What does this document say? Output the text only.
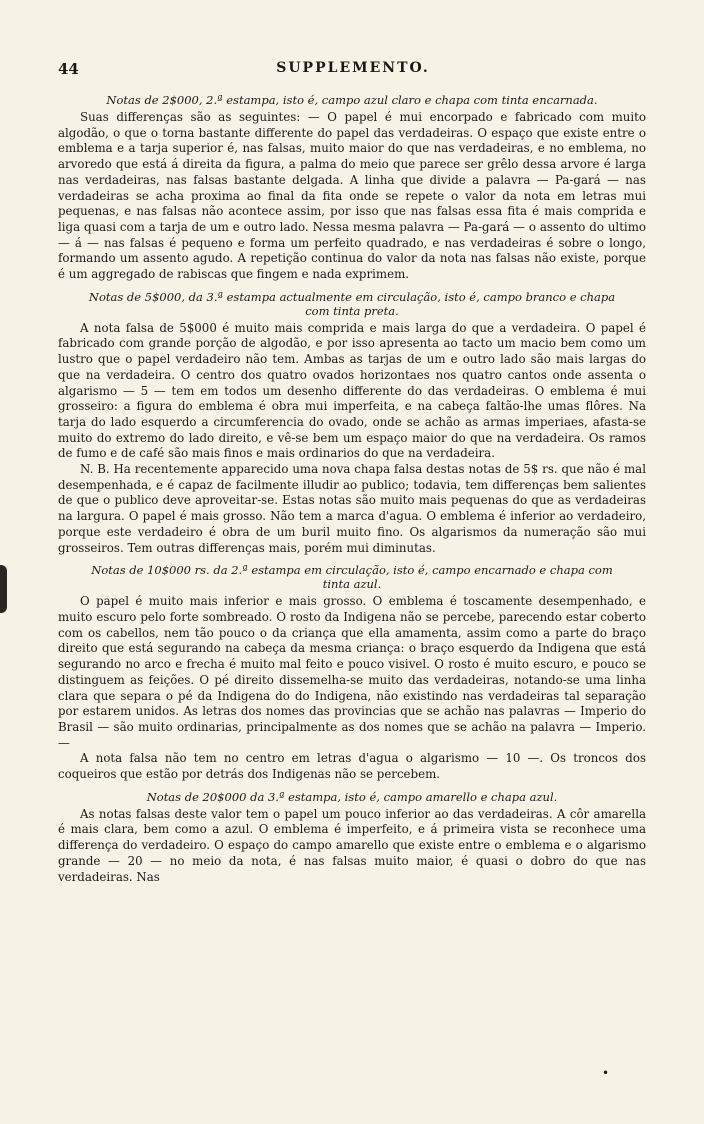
44	SUPPLEMENTO.
Notas de 2$000, 2.ª estampa, isto é, campo azul claro e chapa com tinta encarnada.

Suas differenças são as seguintes: — O papel é mui encorpado e fabricado com muito algodão, o que o torna bastante differente do papel das verdadeiras. O espaço que existe entre o emblema e a tarja superior é, nas falsas, muito maior do que nas verdadeiras, e no emblema, no arvoredo que está á direita da figura, a palma do meio que parece ser grêlo dessa arvore é larga nas verdadeiras, nas falsas bastante delgada. A linha que divide a palavra — Pa-gará — nas verdadeiras se acha proxima ao final da fita onde se repete o valor da nota em letras mui pequenas, e nas falsas não acontece assim, por isso que nas falsas essa fita é mais comprida e liga quasi com a tarja de um e outro lado. Nessa mesma palavra — Pa-gará — o assento do ultimo — á — nas falsas é pequeno e forma um perfeito quadrado, e nas verdadeiras é sobre o longo, formando um assento agudo. A repetição continua do valor da nota nas falsas não existe, porque é um aggregado de rabiscas que fingem e nada exprimem.

Notas de 5$000, da 3.ª estampa actualmente em circulação, isto é, campo branco e chapa com tinta preta.

A nota falsa de 5$000 é muito mais comprida e mais larga do que a verdadeira. O papel é fabricado com grande porção de algodão, e por isso apresenta ao tacto um macio bem como um lustro que o papel verdadeiro não tem. Ambas as tarjas de um e outro lado são mais largas do que na verdadeira. O centro dos quatro ovados horizontaes nos quatro cantos onde assenta o algarismo — 5 — tem em todos um desenho differente do das verdadeiras. O emblema é mui grosseiro: a figura do emblema é obra mui imperfeita, e na cabeça faltão-lhe umas flôres. Na tarja do lado esquerdo a circumferencia do ovado, onde se achão as armas imperiaes, afasta-se muito do extremo do lado direito, e vê-se bem um espaço maior do que na verdadeira. Os ramos de fumo e de café são mais finos e mais ordinarios do que na verdadeira.

N. B. Ha recentemente apparecido uma nova chapa falsa destas notas de 5$ rs. que não é mal desempenhada, e é capaz de facilmente illudir ao publico; todavia, tem differenças bem salientes de que o publico deve aproveitar-se. Estas notas são muito mais pequenas do que as verdadeiras na largura. O papel é mais grosso. Não tem a marca d'agua. O emblema é inferior ao verdadeiro, porque este verdadeiro é obra de um buril muito fino. Os algarismos da numeração são mui grosseiros. Tem outras differenças mais, porém mui diminutas.

Notas de 10$000 rs. da 2.ª estampa em circulação, isto é, campo encarnado e chapa com tinta azul.

O papel é muito mais inferior e mais grosso. O emblema é toscamente desempenhado, e muito escuro pelo forte sombreado. O rosto da Indigena não se percebe, parecendo estar coberto com os cabellos, nem tão pouco o da criança que ella amamenta, assim como a parte do braço direito que está segurando na cabeça da mesma criança: o braço esquerdo da Indigena que está segurando no arco e frecha é muito mal feito e pouco visivel. O rosto é muito escuro, e pouco se distinguem as feições. O pé direito dissemelha-se muito das verdadeiras, notando-se uma linha clara que separa o pé da Indigena do do Indigena, não existindo nas verdadeiras tal separação por estarem unidos. As letras dos nomes das provincias que se achão nas palavras — Imperio do Brasil — são muito ordinarias, principalmente as dos nomes que se achão na palavra — Imperio. —

A nota falsa não tem no centro em letras d'agua o algarismo — 10 —. Os troncos dos coqueiros que estão por detrás dos Indigenas não se percebem.

Notas de 20$000 da 3.ª estampa, isto é, campo amarello e chapa azul.

As notas falsas deste valor tem o papel um pouco inferior ao das verdadeiras. A côr amarella é mais clara, bem como a azul. O emblema é imperfeito, e á primeira vista se reconhece uma differença do verdadeiro. O espaço do campo amarello que existe entre o emblema e o algarismo grande — 20 — no meio da nota, é nas falsas muito maior, é quasi o dobro do que nas verdadeiras. Nas

•
